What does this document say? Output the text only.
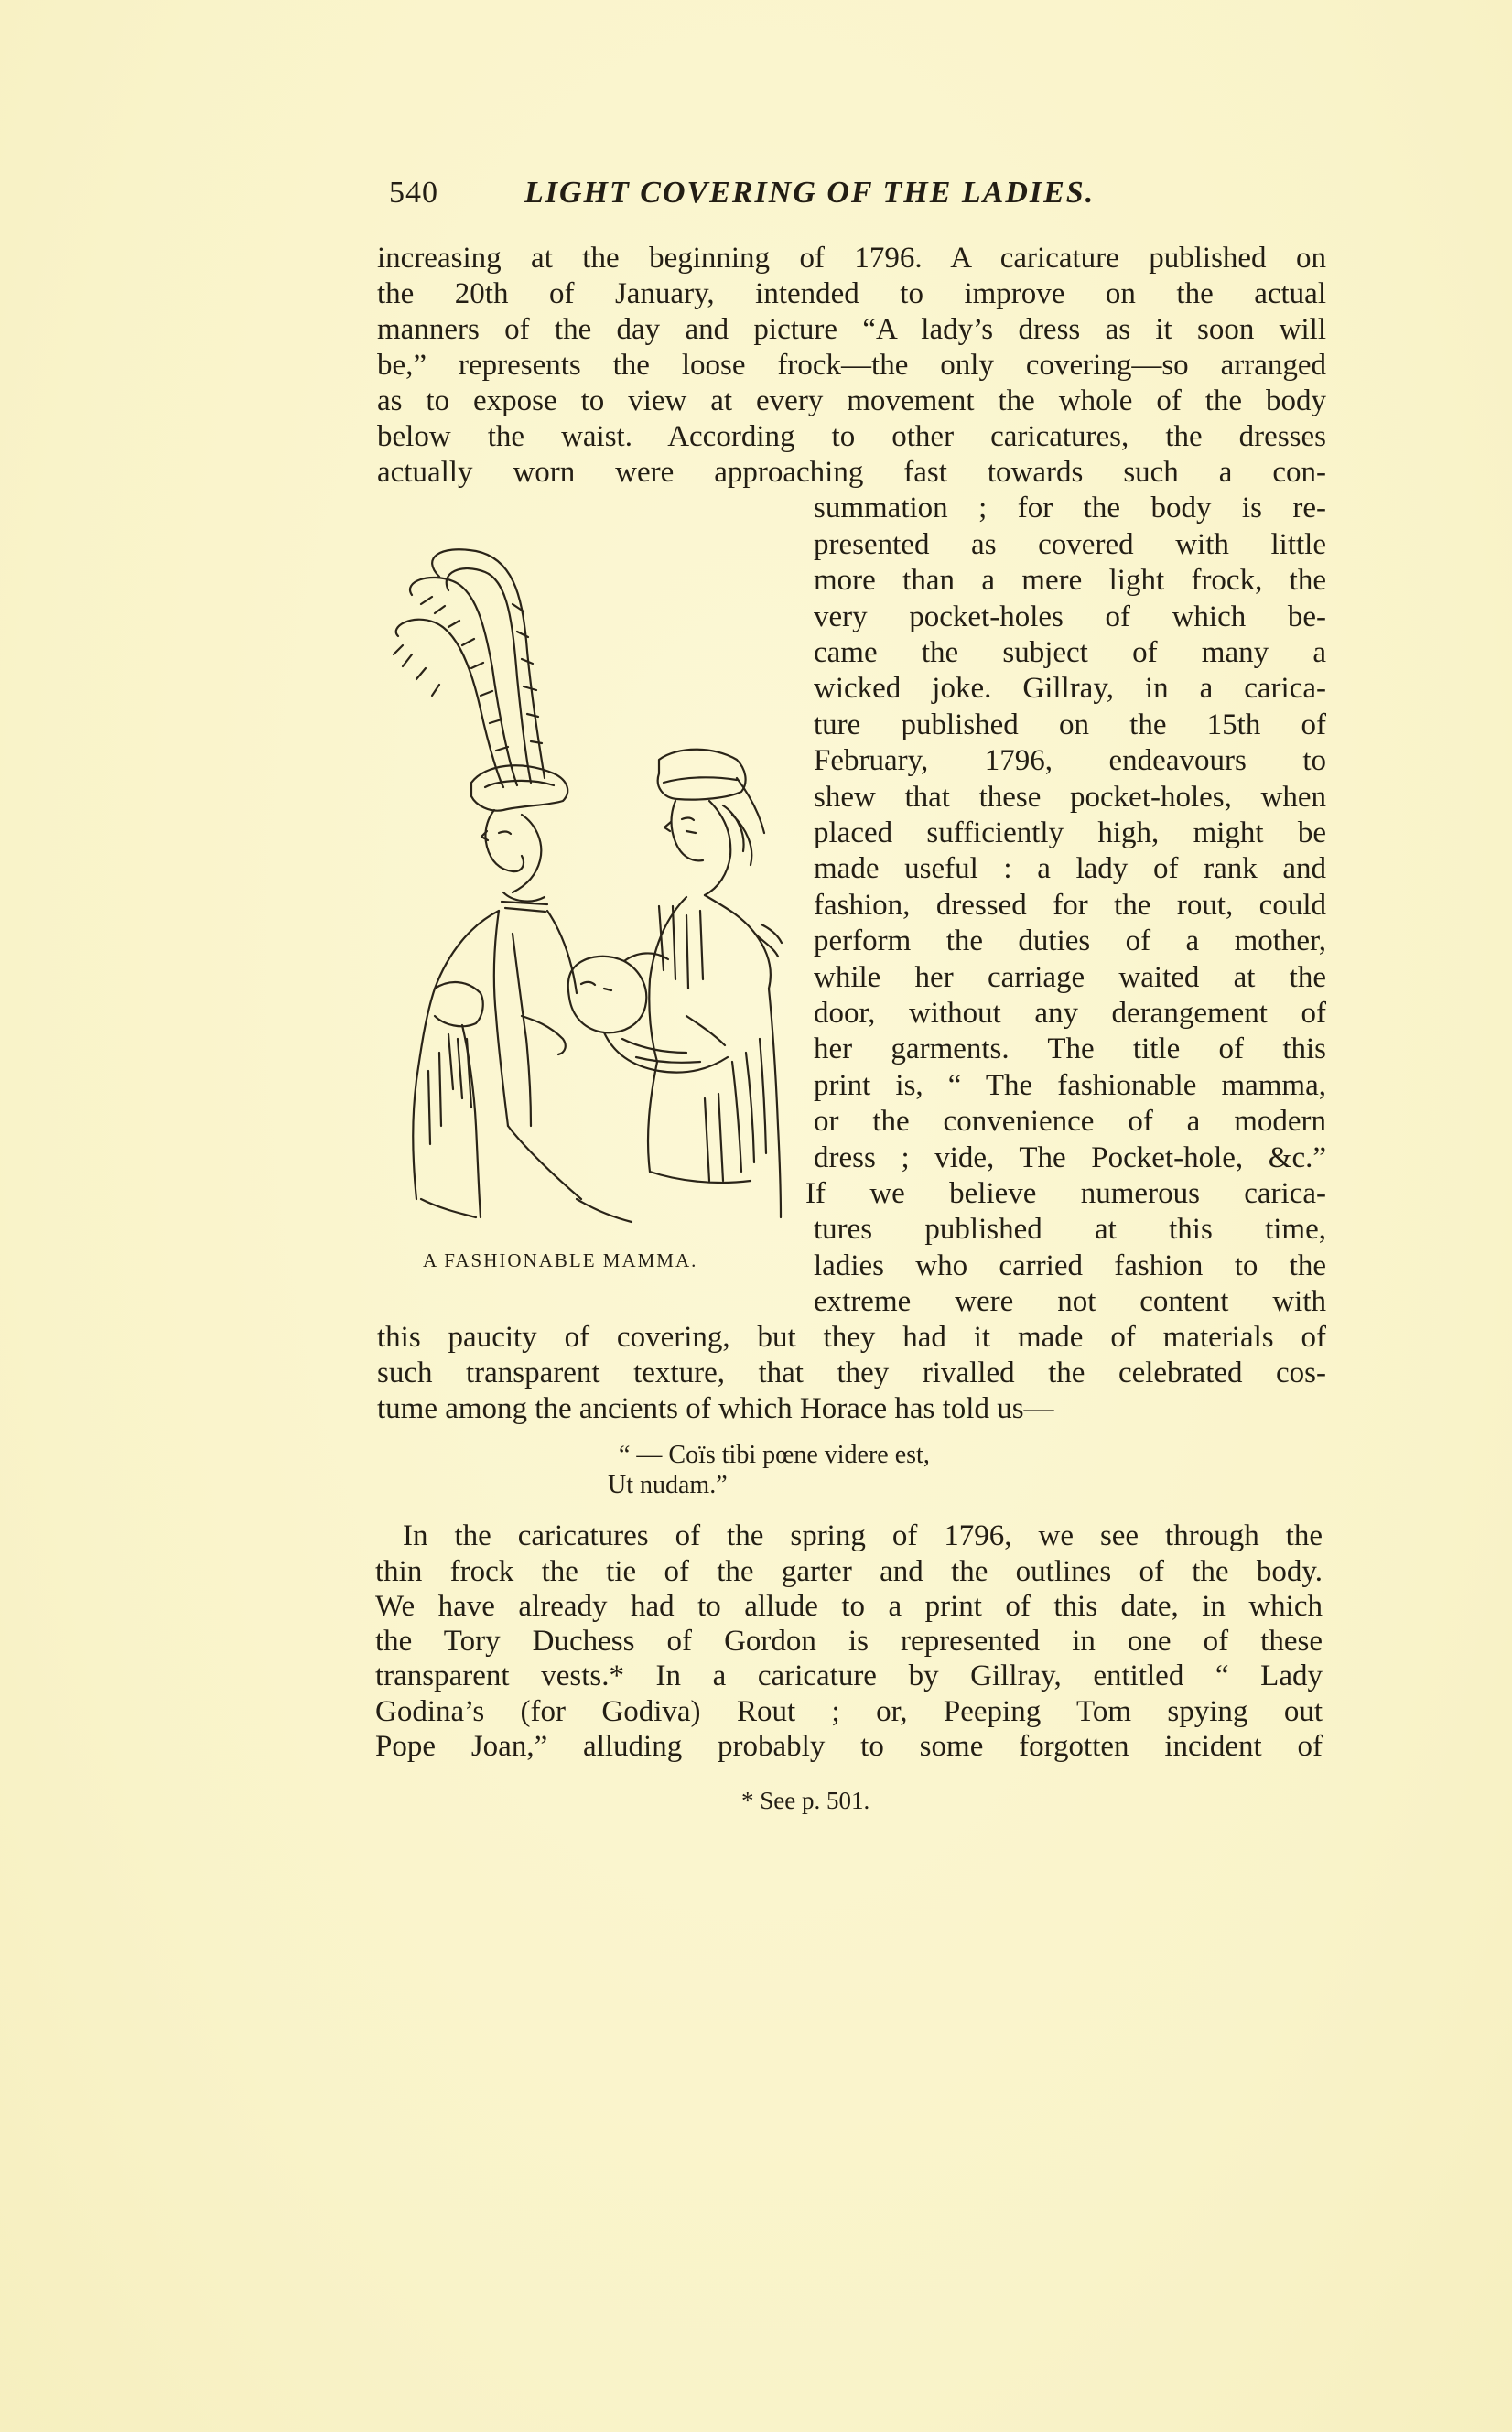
540	LIGHT COVERING OF THE LADIES.
increasing at the beginning of 1796. A caricature published on
the 20th of January, intended to improve on the actual
manners of the day and picture “A lady’s dress as it soon will
be,” represents the loose frock—the only covering—so arranged
as to expose to view at every movement the whole of the body
below the waist. According to other caricatures, the dresses
actually worn were approaching fast towards such a con-
summation ; for the body is re-
presented as covered with little
more than a mere light frock, the
very pocket-holes of which be-
came the subject of many a
wicked joke. Gillray, in a carica-
ture published on the 15th of
February, 1796, endeavours to
shew that these pocket-holes, when
placed sufficiently high, might be
made useful : a lady of rank and
fashion, dressed for the rout, could
perform the duties of a mother,
while her carriage waited at the
door, without any derangement of
her garments. The title of this
print is, “ The fashionable mamma,
or the convenience of a modern
dress ; vide, The Pocket-hole, &c.”
If we believe numerous carica-
tures published at this time,
ladies who carried fashion to the
extreme were not content with
this paucity of covering, but they had it made of materials of
such transparent texture, that they rivalled the celebrated cos-
tume among the ancients of which Horace has told us—
“ — Coïs tibi pœne videre est,
Ut nudam.”
In the caricatures of the spring of 1796, we see through the
thin frock the tie of the garter and the outlines of the body.
We have already had to allude to a print of this date, in which
the Tory Duchess of Gordon is represented in one of these
transparent vests.* In a caricature by Gillray, entitled “ Lady
Godina’s (for Godiva) Rout ; or, Peeping Tom spying out
Pope Joan,” alluding probably to some forgotten incident of
* See p. 501.
A FASHIONABLE MAMMA.
